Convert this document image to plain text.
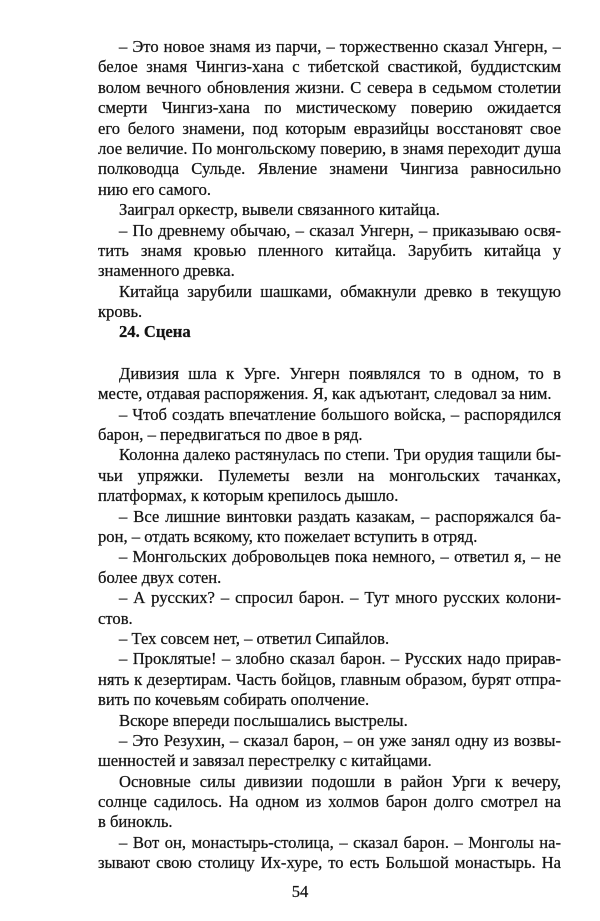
– Это новое знамя из парчи, – торжественно сказал Унгерн, –
белое знамя Чингиз-хана с тибетской свастикой, буддистским
волом вечного обновления жизни. С севера в седьмом столетии
смерти Чингиз-хана по мистическому поверию ожидается
его белого знамени, под которым евразийцы восстановят свое
лое величие. По монгольскому поверию, в знамя переходит душа
полководца Сульде. Явление знамени Чингиза равносильно
нию его самого.
Заиграл оркестр, вывели связанного китайца.
– По древнему обычаю, – сказал Унгерн, – приказываю освя-
тить знамя кровью пленного китайца. Зарубить китайца у
знаменного древка.
Китайца зарубили шашками, обмакнули древко в текущую
кровь.
24. Сцена
Дивизия шла к Урге. Унгерн появлялся то в одном, то в
месте, отдавая распоряжения. Я, как адъютант, следовал за ним.
– Чтоб создать впечатление большого войска, – распорядился
барон, – передвигаться по двое в ряд.
Колонна далеко растянулась по степи. Три орудия тащили бы-
чьи упряжки. Пулеметы везли на монгольских тачанках,
платформах, к которым крепилось дышло.
– Все лишние винтовки раздать казакам, – распоряжался ба-
рон, – отдать всякому, кто пожелает вступить в отряд.
– Монгольских добровольцев пока немного, – ответил я, – не
более двух сотен.
– А русских? – спросил барон. – Тут много русских колони-
стов.
– Тех совсем нет, – ответил Сипайлов.
– Проклятые! – злобно сказал барон. – Русских надо прирав-
нять к дезертирам. Часть бойцов, главным образом, бурят отпра-
вить по кочевьям собирать ополчение.
Вскоре впереди послышались выстрелы.
– Это Резухин, – сказал барон, – он уже занял одну из возвы-
шенностей и завязал перестрелку с китайцами.
Основные силы дивизии подошли в район Урги к вечеру,
солнце садилось. На одном из холмов барон долго смотрел на
в бинокль.
– Вот он, монастырь-столица, – сказал барон. – Монголы на-
зывают свою столицу Их-хуре, то есть Большой монастырь. На
54
